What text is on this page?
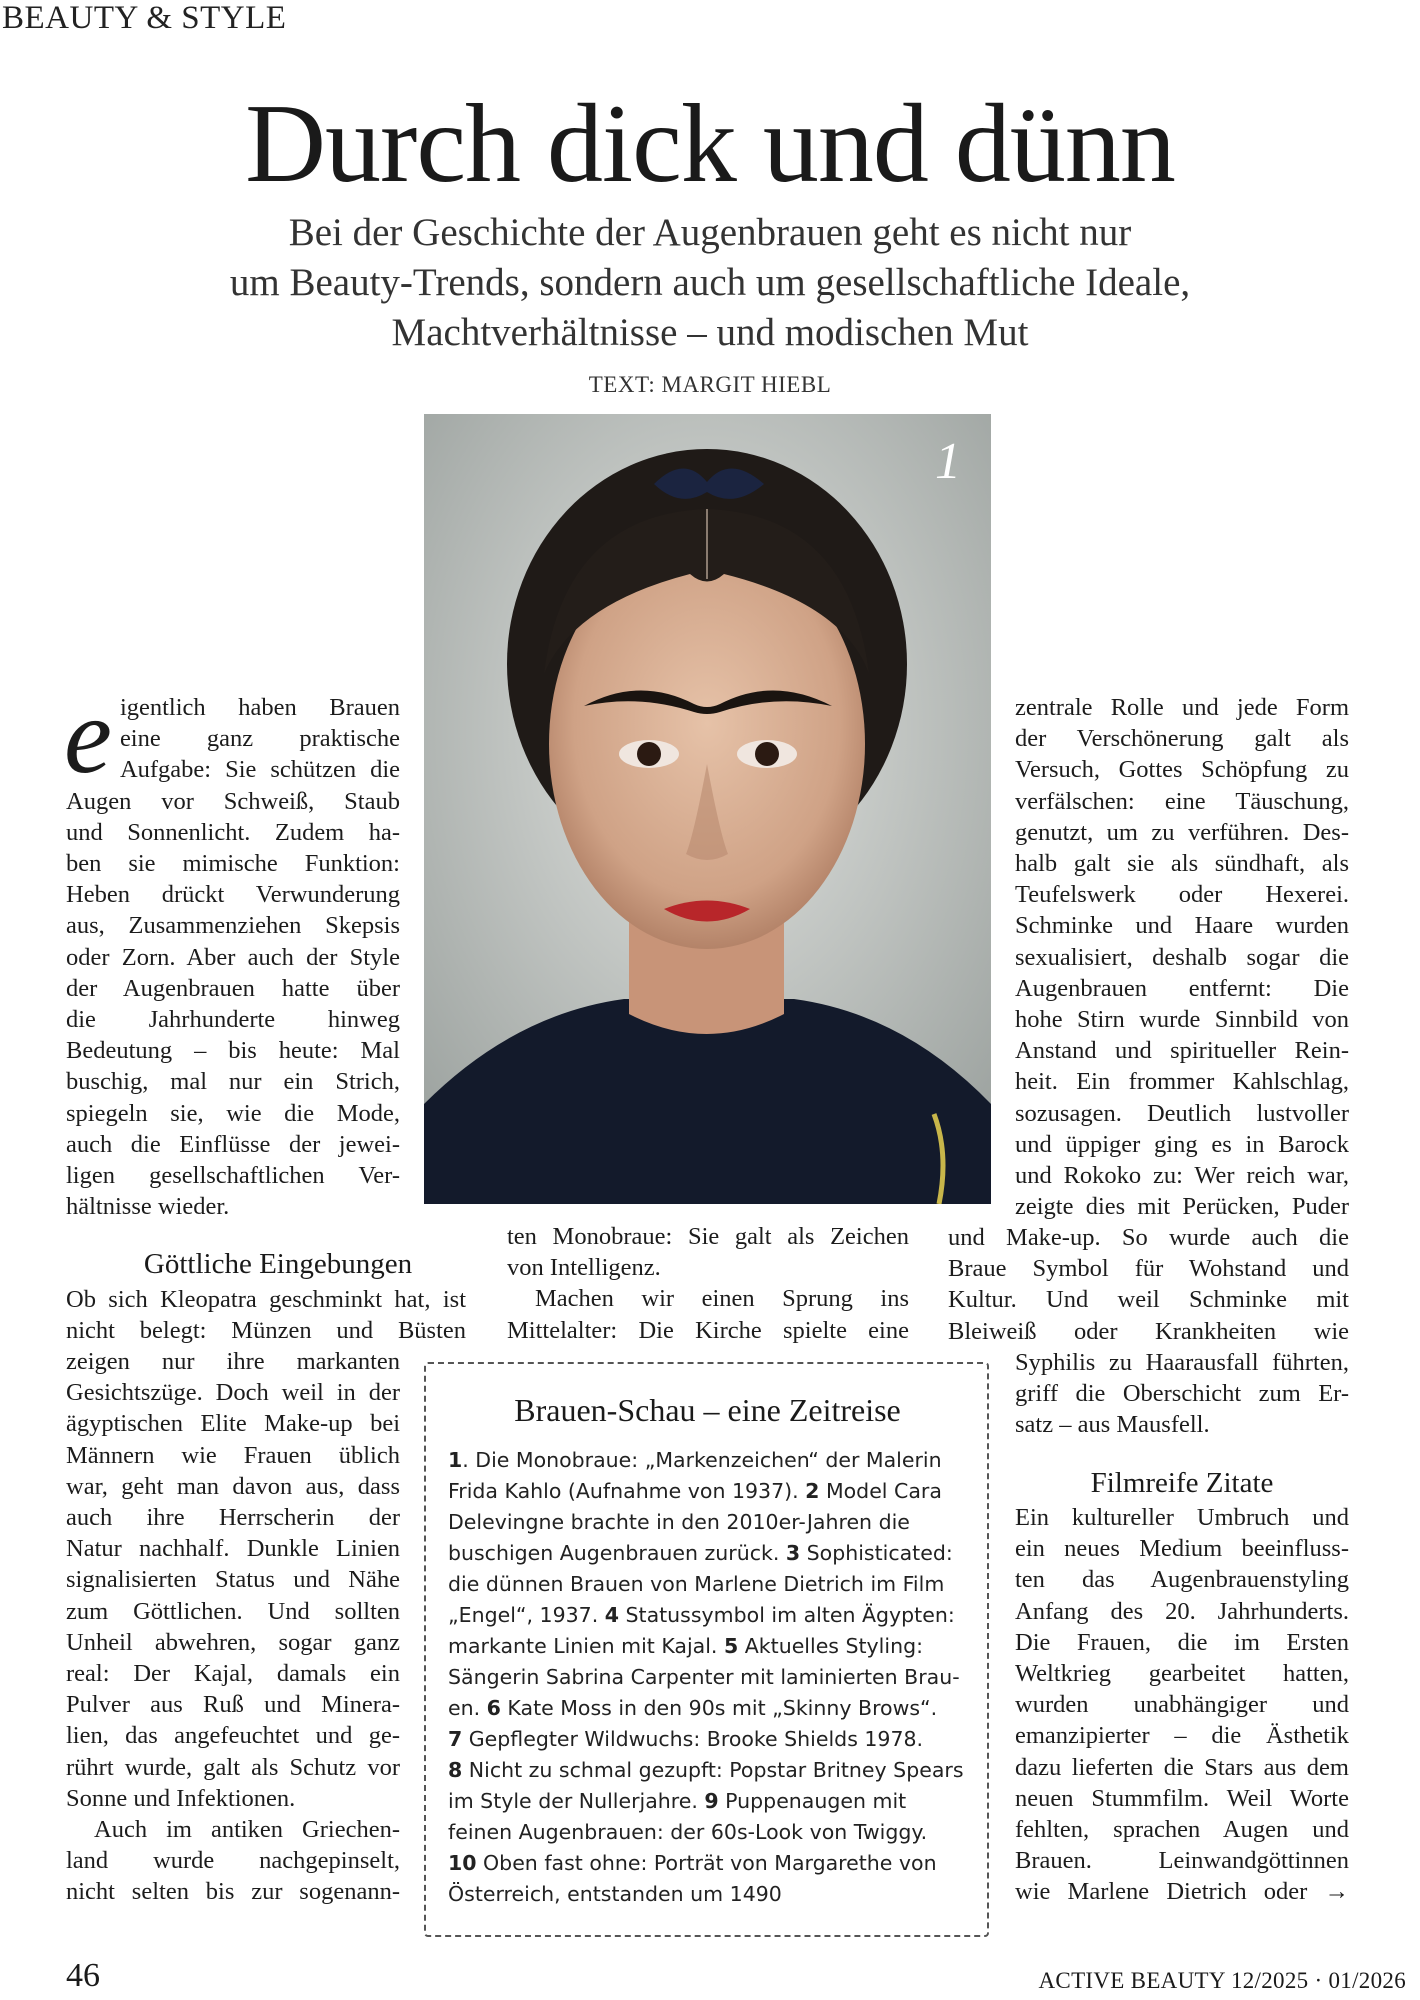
BEAUTY & STYLE
Durch dick und dünn
Bei der Geschichte der Augenbrauen geht es nicht nur
um Beauty-Trends, sondern auch um gesellschaftliche Ideale,
Machtverhältnisse – und modischen Mut
TEXT: MARGIT HIEBL
1
e igentlich haben Brauen
eine ganz praktische
Aufgabe: Sie schützen die
Augen vor Schweiß, Staub
und Sonnenlicht. Zudem ha-
ben sie mimische Funktion:
Heben drückt Verwunderung
aus, Zusammenziehen Skepsis
oder Zorn. Aber auch der Style
der Augenbrauen hatte über
die Jahrhunderte hinweg
Bedeutung – bis heute: Mal
buschig, mal nur ein Strich,
spiegeln sie, wie die Mode,
auch die Einflüsse der jewei-
ligen gesellschaftlichen Ver-
hältnisse wieder.
Göttliche Eingebungen
Ob sich Kleopatra geschminkt hat, ist
nicht belegt: Münzen und Büsten
zeigen nur ihre markanten
Gesichtszüge. Doch weil in der
ägyptischen Elite Make-up bei
Männern wie Frauen üblich
war, geht man davon aus, dass
auch ihre Herrscherin der
Natur nachhalf. Dunkle Linien
signalisierten Status und Nähe
zum Göttlichen. Und sollten
Unheil abwehren, sogar ganz
real: Der Kajal, damals ein
Pulver aus Ruß und Minera-
lien, das angefeuchtet und ge-
rührt wurde, galt als Schutz vor
Sonne und Infektionen.
Auch im antiken Griechen-
land wurde nachgepinselt,
nicht selten bis zur sogenann-
ten Monobraue: Sie galt als Zeichen
von Intelligenz.
Machen wir einen Sprung ins
Mittelalter: Die Kirche spielte eine
zentrale Rolle und jede Form
der Verschönerung galt als
Versuch, Gottes Schöpfung zu
verfälschen: eine Täuschung,
genutzt, um zu verführen. Des-
halb galt sie als sündhaft, als
Teufelswerk oder Hexerei.
Schminke und Haare wurden
sexualisiert, deshalb sogar die
Augenbrauen entfernt: Die
hohe Stirn wurde Sinnbild von
Anstand und spiritueller Rein-
heit. Ein frommer Kahlschlag,
sozusagen. Deutlich lustvoller
und üppiger ging es in Barock
und Rokoko zu: Wer reich war,
zeigte dies mit Perücken, Puder
und Make-up. So wurde auch die
Braue Symbol für Wohstand und
Kultur. Und weil Schminke mit
Bleiweiß oder Krankheiten wie
Syphilis zu Haarausfall führten,
griff die Oberschicht zum Er-
satz – aus Mausfell.
Filmreife Zitate
Ein kultureller Umbruch und
ein neues Medium beeinfluss-
ten das Augenbrauenstyling
Anfang des 20. Jahrhunderts.
Die Frauen, die im Ersten
Weltkrieg gearbeitet hatten,
wurden unabhängiger und
emanzipierter – die Ästhetik
dazu lieferten die Stars aus dem
neuen Stummfilm. Weil Worte
fehlten, sprachen Augen und
Brauen. Leinwandgöttinnen
wie Marlene Dietrich oder →
Brauen-Schau – eine Zeitreise
1. Die Monobraue: „Markenzeichen“ der Malerin
Frida Kahlo (Aufnahme von 1937). 2 Model Cara
Delevingne brachte in den 2010er-Jahren die
buschigen Augenbrauen zurück. 3 Sophisticated:
die dünnen Brauen von Marlene Dietrich im Film
„Engel“, 1937. 4 Statussymbol im alten Ägypten:
markante Linien mit Kajal. 5 Aktuelles Styling:
Sängerin Sabrina Carpenter mit laminierten Brau-
en. 6 Kate Moss in den 90s mit „Skinny Brows“.
7 Gepflegter Wildwuchs: Brooke Shields 1978.
8 Nicht zu schmal gezupft: Popstar Britney Spears
im Style der Nullerjahre. 9 Puppenaugen mit
feinen Augenbrauen: der 60s-Look von Twiggy.
10 Oben fast ohne: Porträt von Margarethe von
Österreich, entstanden um 1490
46	ACTIVE BEAUTY 12/2025 · 01/2026
